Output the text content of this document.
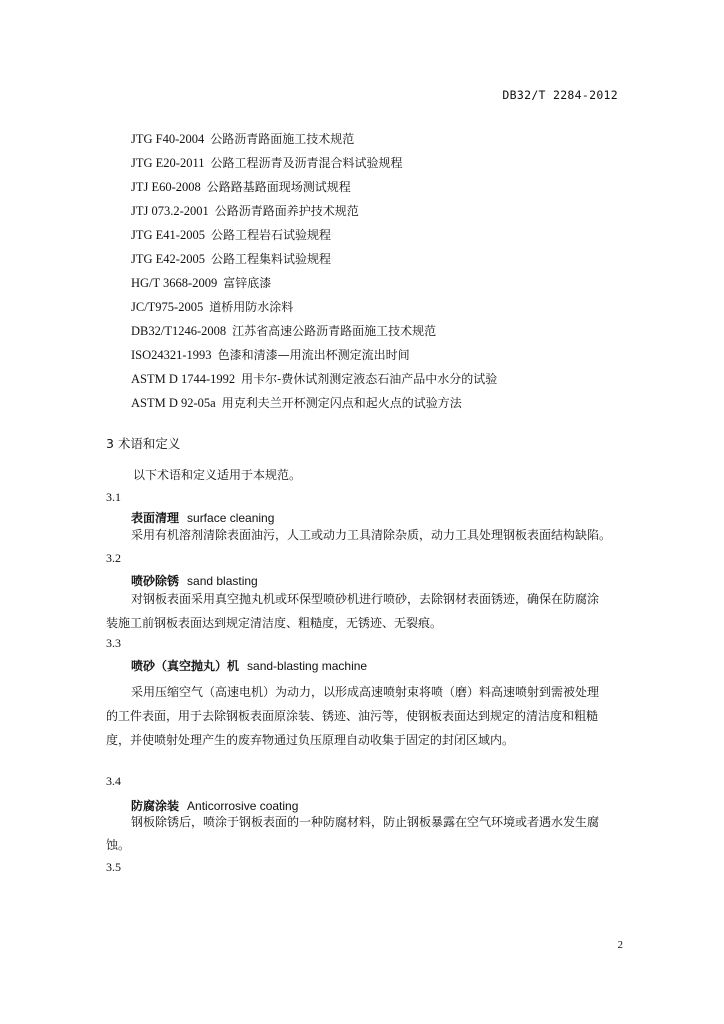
DB32/T 2284-2012
JTG F40-2004 公路沥青路面施工技术规范
JTG E20-2011 公路工程沥青及沥青混合料试验规程
JTJ E60-2008 公路路基路面现场测试规程
JTJ 073.2-2001 公路沥青路面养护技术规范
JTG E41-2005 公路工程岩石试验规程
JTG E42-2005 公路工程集料试验规程
HG/T 3668-2009 富锌底漆
JC/T975-2005 道桥用防水涂料
DB32/T1246-2008 江苏省高速公路沥青路面施工技术规范
ISO24321-1993 色漆和清漆—用流出杯测定流出时间
ASTM D 1744-1992 用卡尔-费休试剂测定液态石油产品中水分的试验
ASTM D 92-05a 用克利夫兰开杯测定闪点和起火点的试验方法
3 术语和定义
以下术语和定义适用于本规范。
3.1
表面清理 surface cleaning
采用有机溶剂清除表面油污，人工或动力工具清除杂质，动力工具处理钢板表面结构缺陷。
3.2
喷砂除锈 sand blasting
对钢板表面采用真空抛丸机或环保型喷砂机进行喷砂，去除钢材表面锈迹，确保在防腐涂
装施工前钢板表面达到规定清洁度、粗糙度，无锈迹、无裂痕。
3.3
喷砂（真空抛丸）机 sand-blasting machine
采用压缩空气（高速电机）为动力，以形成高速喷射束将喷（磨）料高速喷射到需被处理
的工件表面，用于去除钢板表面原涂装、锈迹、油污等，使钢板表面达到规定的清洁度和粗糙
度，并使喷射处理产生的废弃物通过负压原理自动收集于固定的封闭区域内。
3.4
防腐涂装 Anticorrosive coating
钢板除锈后，喷涂于钢板表面的一种防腐材料，防止钢板暴露在空气环境或者遇水发生腐
蚀。
3.5
2
